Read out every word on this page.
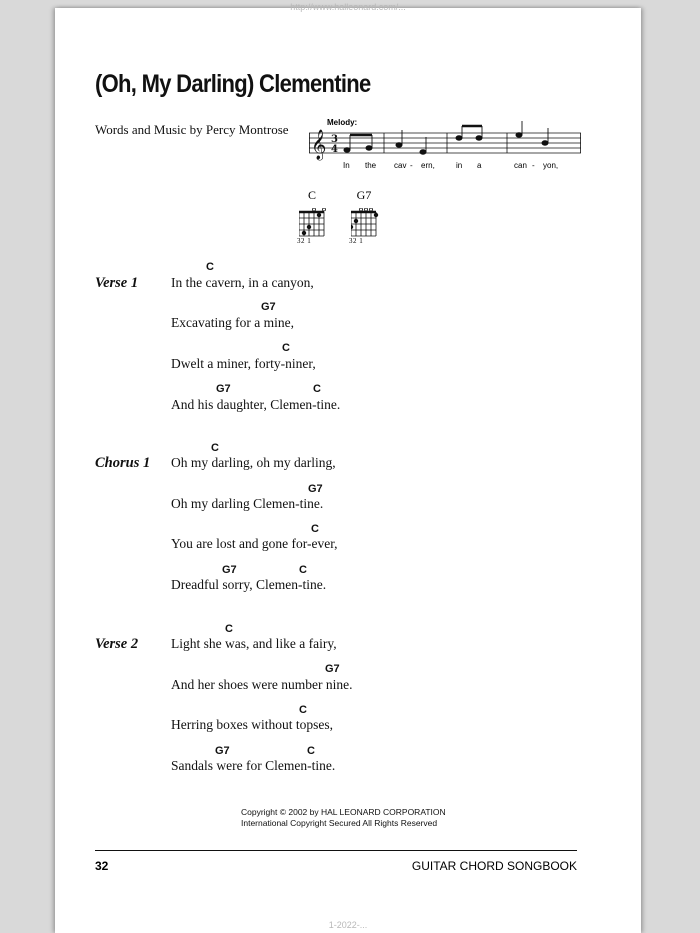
http://www.halleonard.com/...
(Oh, My Darling) Clementine
Words and Music by Percy Montrose	Melody:
𝄞 3
4
In the cav - ern,	in a	can - yon,
C
32 1
G7
32 1
Verse 1
C
In the cavern, in a canyon,
G7
Excavating for a mine,
C
Dwelt a miner, forty-niner,
G7	C
And his daughter, Clemen-tine.
Chorus 1
C
Oh my darling, oh my darling,
G7
Oh my darling Clemen-tine.
C
You are lost and gone for-ever,
G7	C
Dreadful sorry, Clemen-tine.
Verse 2
C
Light she was, and like a fairy,
G7
And her shoes were number nine.
C
Herring boxes without topses,
G7	C
Sandals were for Clemen-tine.
Copyright © 2002 by HAL LEONARD CORPORATION
International Copyright Secured All Rights Reserved
32	GUITAR CHORD SONGBOOK
1-2022-...
